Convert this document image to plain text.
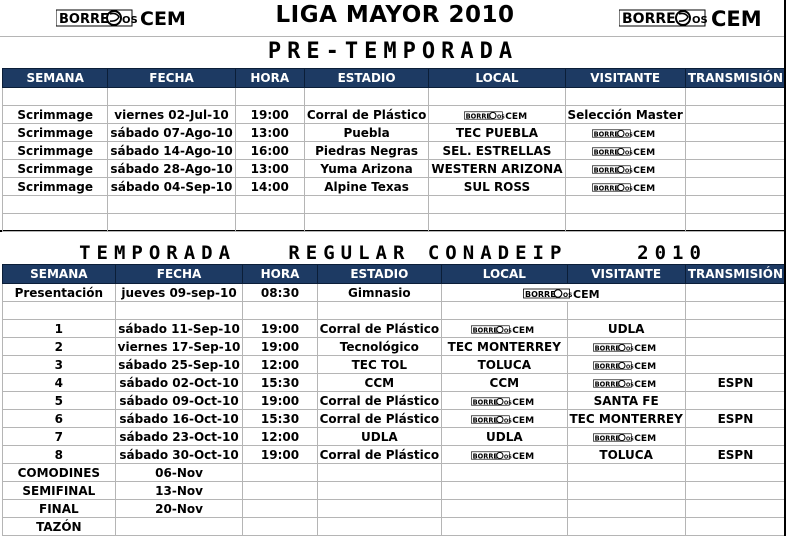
BORRE OS CEM	LIGA MAYOR 2010	BORRE OS CEM
PRE-TEMPORADA
SEMANA	FECHA	HORA	ESTADIO	LOCAL	VISITANTE	TRANSMISIÓN

Scrimmage	viernes 02-Jul-10	19:00	Corral de Plástico	BORRE OS CEM	Selección Master	
Scrimmage	sábado 07-Ago-10	13:00	Puebla	TEC PUEBLA	BORRE OS CEM	

Scrimmage	sábado 14-Ago-10	16:00	Piedras Negras	SEL. ESTRELLAS	BORRE OS CEM	

Scrimmage	sábado 28-Ago-10	13:00	Yuma Arizona	WESTERN ARIZONA	BORRE OS CEM	

Scrimmage	sábado 04-Sep-10	14:00	Alpine Texas	SUL ROSS	BORRE OS CEM	

TEMPORADA   REGULAR CONADEIP    2010
SEMANA	FECHA	HORA	ESTADIO	LOCAL	VISITANTE	TRANSMISIÓN
Presentación	jueves 09-sep-10	08:30	Gimnasio	BORRE OS CEM		

1	sábado 11-Sep-10	19:00	Corral de Plástico	BORRE OS CEM	UDLA	
2	viernes 17-Sep-10	19:00	Tecnológico	TEC MONTERREY	BORRE OS CEM	

3	sábado 25-Sep-10	12:00	TEC TOL	TOLUCA	BORRE OS CEM	

4	sábado 02-Oct-10	15:30	CCM	CCM	BORRE OS CEM	ESPN
5	sábado 09-Oct-10	19:00	Corral de Plástico	BORRE OS CEM	SANTA FE	
6	sábado 16-Oct-10	15:30	Corral de Plástico	BORRE OS CEM	TEC MONTERREY	ESPN
7	sábado 23-Oct-10	12:00	UDLA	UDLA	BORRE OS CEM	

8	sábado 30-Oct-10	19:00	Corral de Plástico	BORRE OS CEM	TOLUCA	ESPN
COMODINES	06-Nov					
SEMIFINAL	13-Nov					
FINAL	20-Nov					
TAZÓN						
